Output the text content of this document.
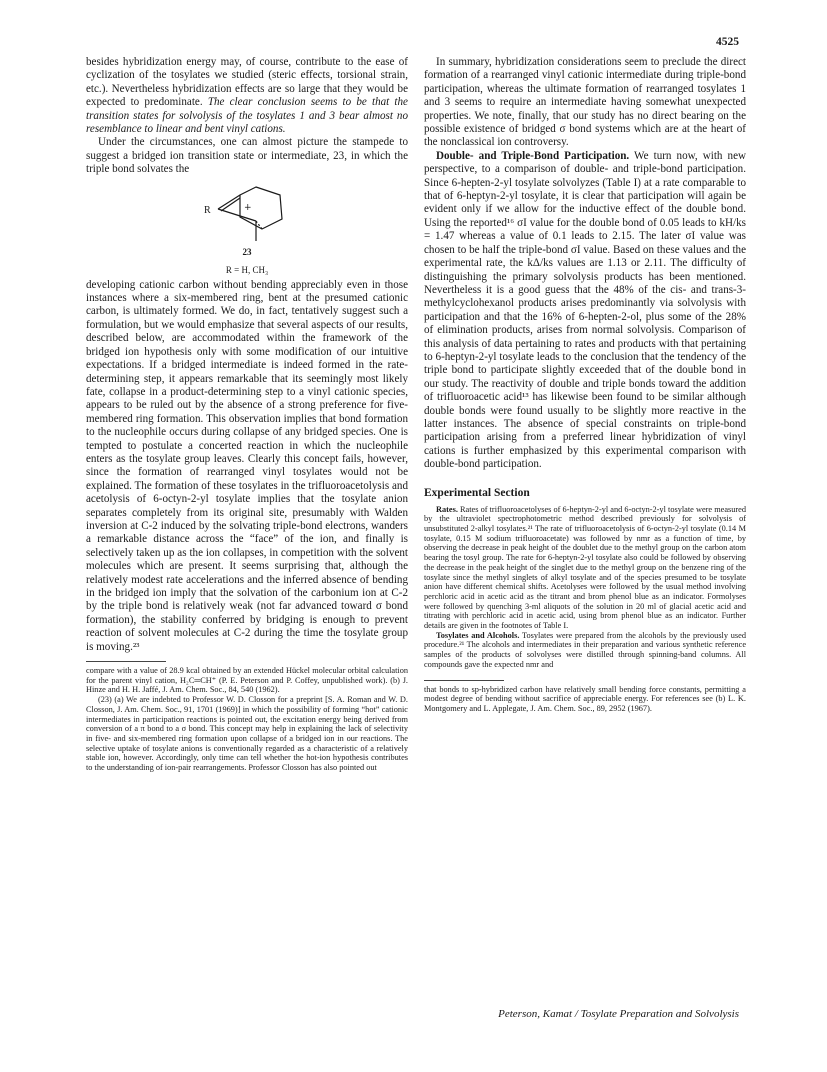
4525

besides hybridization energy may, of course, contribute to the ease of cyclization of the tosylates we studied (steric effects, torsional strain, etc.). Nevertheless hybridization effects are so large that they would be expected to predominate. The clear conclusion seems to be that the transition states for solvolysis of the tosylates 1 and 3 bear almost no resemblance to linear and bent vinyl cations.

Under the circumstances, one can almost picture the stampede to suggest a bridged ion transition state or intermediate, 23, in which the triple bond solvates the

+
R
23
R = H, CH₃

developing cationic carbon without bending appreciably even in those instances where a six-membered ring, bent at the presumed cationic carbon, is ultimately formed. We do, in fact, tentatively suggest such a formulation, but we would emphasize that several aspects of our results, described below, are accommodated within the framework of the bridged ion hypothesis only with some modification of our intuitive expectations. If a bridged intermediate is indeed formed in the rate-determining step, it appears remarkable that its seemingly most likely fate, collapse in a product-determining step to a vinyl cationic species, appears to be ruled out by the absence of a strong preference for five-membered ring formation. This observation implies that bond formation to the nucleophile occurs during collapse of any bridged species. One is tempted to postulate a concerted reaction in which the nucleophile enters as the tosylate group leaves. Clearly this concept fails, however, since the formation of rearranged vinyl tosylates would not be explained. The formation of these tosylates in the trifluoroacetolysis and acetolysis of 6-octyn-2-yl tosylate implies that the tosylate anion separates completely from its original site, presumably with Walden inversion at C-2 induced by the solvating triple-bond electrons, wanders a remarkable distance across the “face” of the ion, and finally is selectively taken up as the ion collapses, in competition with the solvent molecules which are present. It seems surprising that, although the relatively modest rate accelerations and the inferred absence of bending in the bridged ion imply that the solvation of the carbonium ion at C-2 by the triple bond is relatively weak (not far advanced toward σ bond formation), the stability conferred by bridging is enough to prevent reaction of solvent molecules at C-2 during the time the tosylate group is moving.²³

compare with a value of 28.9 kcal obtained by an extended Hückel molecular orbital calculation for the parent vinyl cation, H₂C═CH⁺ (P. E. Peterson and P. Coffey, unpublished work). (b) J. Hinze and H. H. Jaffé, J. Am. Chem. Soc., 84, 540 (1962).

(23) (a) We are indebted to Professor W. D. Closson for a preprint [S. A. Roman and W. D. Closson, J. Am. Chem. Soc., 91, 1701 (1969)] in which the possibility of forming “hot” cationic intermediates in participation reactions is pointed out, the excitation energy being derived from conversion of a π bond to a σ bond. This concept may help in explaining the lack of selectivity in five- and six-membered ring formation upon collapse of a bridged ion in our reactions. The selective uptake of tosylate anions is conventionally regarded as a characteristic of a relatively stable ion, however. Accordingly, only time can tell whether the hot-ion hypothesis contributes to the understanding of ion-pair rearrangements. Professor Closson has also pointed out

In summary, hybridization considerations seem to preclude the direct formation of a rearranged vinyl cationic intermediate during triple-bond participation, whereas the ultimate formation of rearranged tosylates 1 and 3 seems to require an intermediate having somewhat unexpected properties. We note, finally, that our study has no direct bearing on the possible existence of bridged σ bond systems which are at the heart of the nonclassical ion controversy.

Double- and Triple-Bond Participation. We turn now, with new perspective, to a comparison of double- and triple-bond participation. Since 6-hepten-2-yl tosylate solvolyzes (Table I) at a rate comparable to that of 6-heptyn-2-yl tosylate, it is clear that participation will again be evident only if we allow for the inductive effect of the double bond. Using the reported¹⁶ σI value for the double bond of 0.05 leads to kH/ks = 1.47 whereas a value of 0.1 leads to 2.15. The later σI value was chosen to be half the triple-bond σI value. Based on these values and the experimental rate, the kΔ/ks values are 1.13 or 2.11. The difficulty of distinguishing the primary solvolysis products has been mentioned. Nevertheless it is a good guess that the 48% of the cis- and trans-3-methylcyclohexanol products arises predominantly via solvolysis with participation and that the 16% of 6-hepten-2-ol, plus some of the 28% of elimination products, arises from normal solvolysis. Comparison of this analysis of data pertaining to rates and products with that pertaining to 6-heptyn-2-yl tosylate leads to the conclusion that the tendency of the triple bond to participate slightly exceeded that of the double bond in our study. The reactivity of double and triple bonds toward the addition of trifluoroacetic acid¹³ has likewise been found to be similar although double bonds were found usually to be slightly more reactive in the latter instances. The absence of special constraints on triple-bond participation arising from a preferred linear hybridization of vinyl cations is further emphasized by this experimental comparison with double-bond participation.

Experimental Section

Rates. Rates of trifluoroacetolyses of 6-heptyn-2-yl and 6-octyn-2-yl tosylate were measured by the ultraviolet spectrophotometric method described previously for solvolysis of unsubstituted 2-alkyl tosylates.²¹ The rate of trifluoroacetolysis of 6-octyn-2-yl tosylate (0.14 M tosylate, 0.15 M sodium trifluoroacetate) was followed by nmr as a function of time, by observing the decrease in peak height of the doublet due to the methyl group on the carbon atom bearing the tosyl group. The rate for 6-heptyn-2-yl tosylate also could be followed by observing the decrease in the peak height of the singlet due to the methyl group on the benzene ring of the tosylate since the methyl singlets of alkyl tosylate and of the species presumed to be tosylate anion have different chemical shifts. Acetolyses were followed by the usual method involving perchloric acid in acetic acid as the titrant and brom phenol blue as an indicator. Formolyses were followed by quenching 3-ml aliquots of the solution in 20 ml of glacial acetic acid and titrating with perchloric acid in acetic acid, using brom phenol blue as an indicator. Further details are given in the footnotes of Table I.

Tosylates and Alcohols. Tosylates were prepared from the alcohols by the previously used procedure.²¹ The alcohols and intermediates in their preparation and various synthetic reference samples of the products of solvolyses were distilled through spinning-band columns. All compounds gave the expected nmr and

that bonds to sp-hybridized carbon have relatively small bending force constants, permitting a modest degree of bending without sacrifice of appreciable energy. For references see (b) L. K. Montgomery and L. Applegate, J. Am. Chem. Soc., 89, 2952 (1967).

Peterson, Kamat / Tosylate Preparation and Solvolysis
